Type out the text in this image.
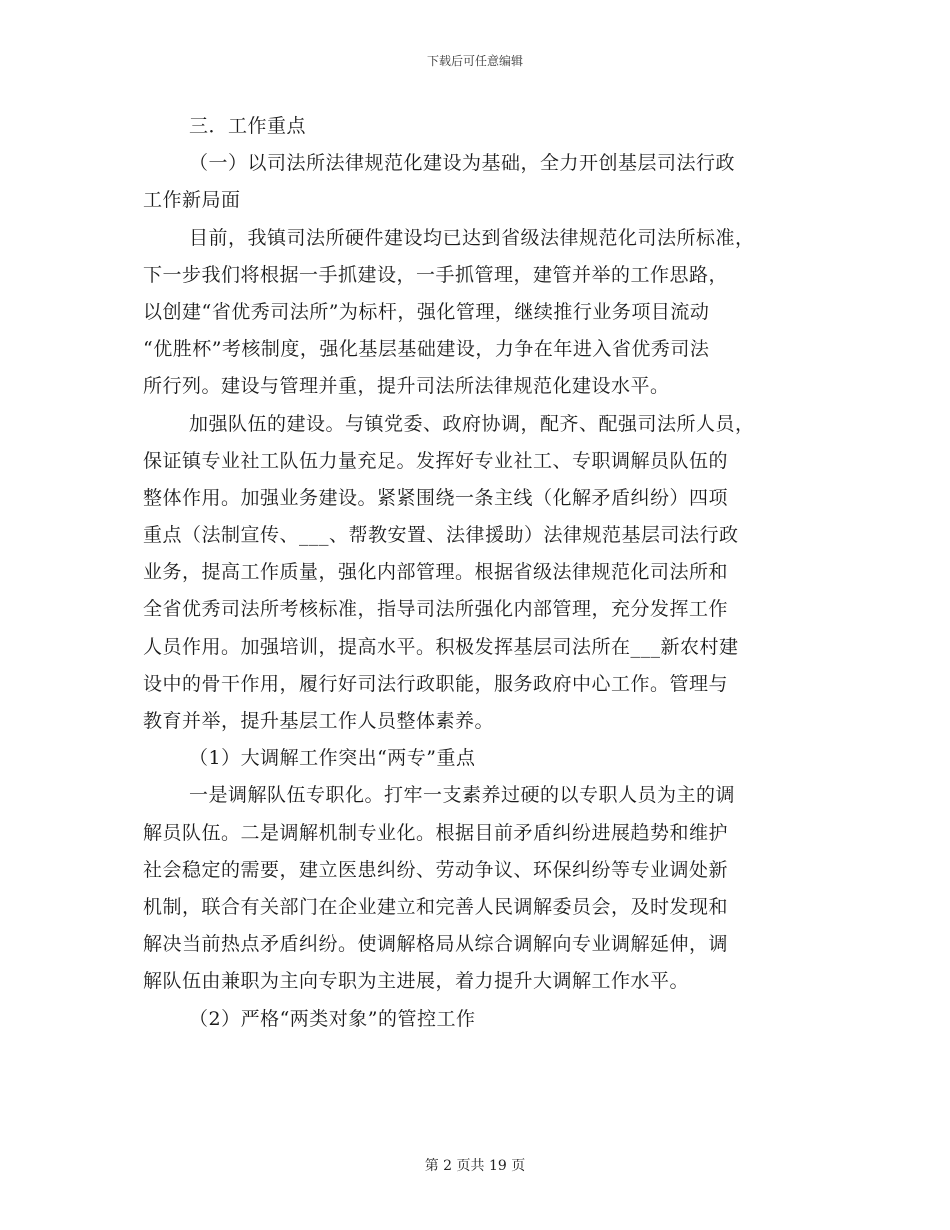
下载后可任意编辑

三．工作重点

（一）以司法所法律规范化建设为基础，全力开创基层司法行政

工作新局面

目前，我镇司法所硬件建设均已达到省级法律规范化司法所标准，

下一步我们将根据一手抓建设，一手抓管理，建管并举的工作思路，

以创建“省优秀司法所”为标杆，强化管理，继续推行业务项目流动

“优胜杯”考核制度，强化基层基础建设，力争在年进入省优秀司法

所行列。建设与管理并重，提升司法所法律规范化建设水平。

加强队伍的建设。与镇党委、政府协调，配齐、配强司法所人员，

保证镇专业社工队伍力量充足。发挥好专业社工、专职调解员队伍的

整体作用。加强业务建设。紧紧围绕一条主线（化解矛盾纠纷）四项

重点（法制宣传、___、帮教安置、法律援助）法律规范基层司法行政

业务，提高工作质量，强化内部管理。根据省级法律规范化司法所和

全省优秀司法所考核标准，指导司法所强化内部管理，充分发挥工作

人员作用。加强培训，提高水平。积极发挥基层司法所在___新农村建

设中的骨干作用，履行好司法行政职能，服务政府中心工作。管理与

教育并举，提升基层工作人员整体素养。

（1）大调解工作突出“两专”重点

一是调解队伍专职化。打牢一支素养过硬的以专职人员为主的调

解员队伍。二是调解机制专业化。根据目前矛盾纠纷进展趋势和维护

社会稳定的需要，建立医患纠纷、劳动争议、环保纠纷等专业调处新

机制，联合有关部门在企业建立和完善人民调解委员会，及时发现和

解决当前热点矛盾纠纷。使调解格局从综合调解向专业调解延伸，调

解队伍由兼职为主向专职为主进展，着力提升大调解工作水平。

（2）严格“两类对象”的管控工作

第 2 页共 19 页
